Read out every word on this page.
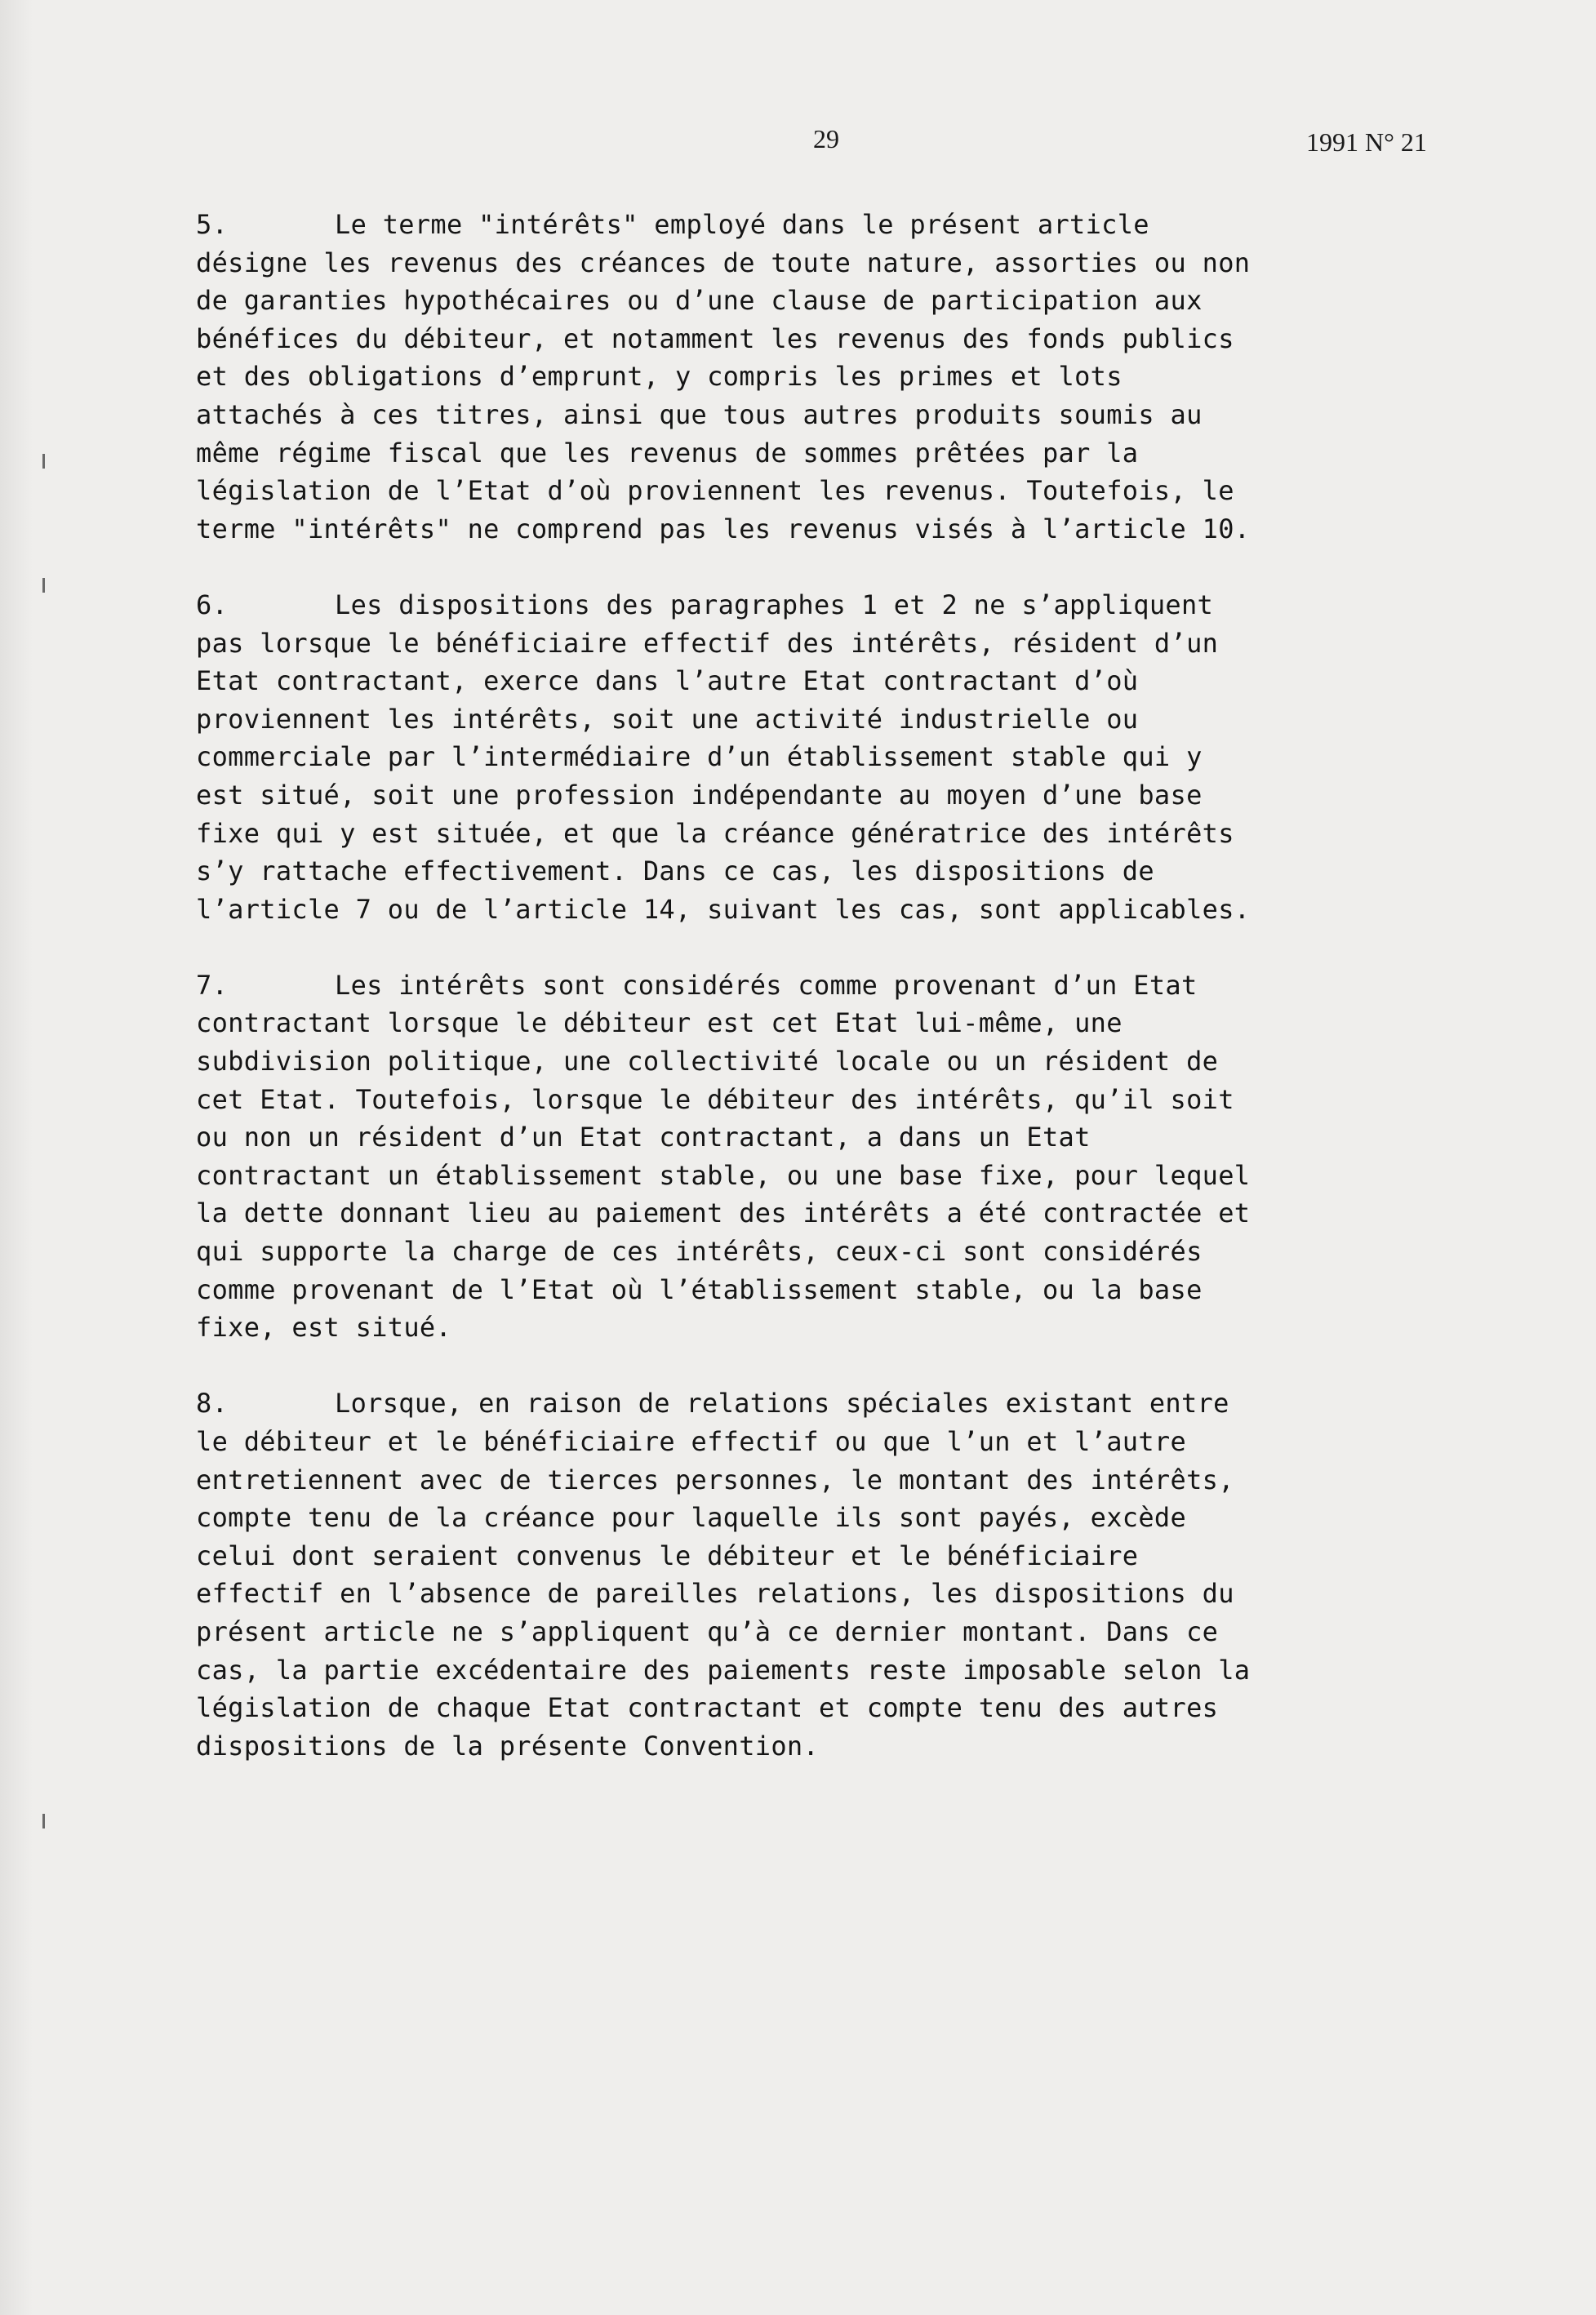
29	1991 N° 21
5.	Le terme "intérêts" employé dans le présent article
désigne les revenus des créances de toute nature, assorties ou non
de garanties hypothécaires ou d’une clause de participation aux
bénéfices du débiteur, et notamment les revenus des fonds publics
et des obligations d’emprunt, y compris les primes et lots
attachés à ces titres, ainsi que tous autres produits soumis au
même régime fiscal que les revenus de sommes prêtées par la
législation de l’Etat d’où proviennent les revenus. Toutefois, le
terme "intérêts" ne comprend pas les revenus visés à l’article 10.
6.	Les dispositions des paragraphes 1 et 2 ne s’appliquent
pas lorsque le bénéficiaire effectif des intérêts, résident d’un
Etat contractant, exerce dans l’autre Etat contractant d’où
proviennent les intérêts, soit une activité industrielle ou
commerciale par l’intermédiaire d’un établissement stable qui y
est situé, soit une profession indépendante au moyen d’une base
fixe qui y est située, et que la créance génératrice des intérêts
s’y rattache effectivement. Dans ce cas, les dispositions de
l’article 7 ou de l’article 14, suivant les cas, sont applicables.
7.	Les intérêts sont considérés comme provenant d’un Etat
contractant lorsque le débiteur est cet Etat lui-même, une
subdivision politique, une collectivité locale ou un résident de
cet Etat. Toutefois, lorsque le débiteur des intérêts, qu’il soit
ou non un résident d’un Etat contractant, a dans un Etat
contractant un établissement stable, ou une base fixe, pour lequel
la dette donnant lieu au paiement des intérêts a été contractée et
qui supporte la charge de ces intérêts, ceux-ci sont considérés
comme provenant de l’Etat où l’établissement stable, ou la base
fixe, est situé.
8.	Lorsque, en raison de relations spéciales existant entre
le débiteur et le bénéficiaire effectif ou que l’un et l’autre
entretiennent avec de tierces personnes, le montant des intérêts,
compte tenu de la créance pour laquelle ils sont payés, excède
celui dont seraient convenus le débiteur et le bénéficiaire
effectif en l’absence de pareilles relations, les dispositions du
présent article ne s’appliquent qu’à ce dernier montant. Dans ce
cas, la partie excédentaire des paiements reste imposable selon la
législation de chaque Etat contractant et compte tenu des autres
dispositions de la présente Convention.
